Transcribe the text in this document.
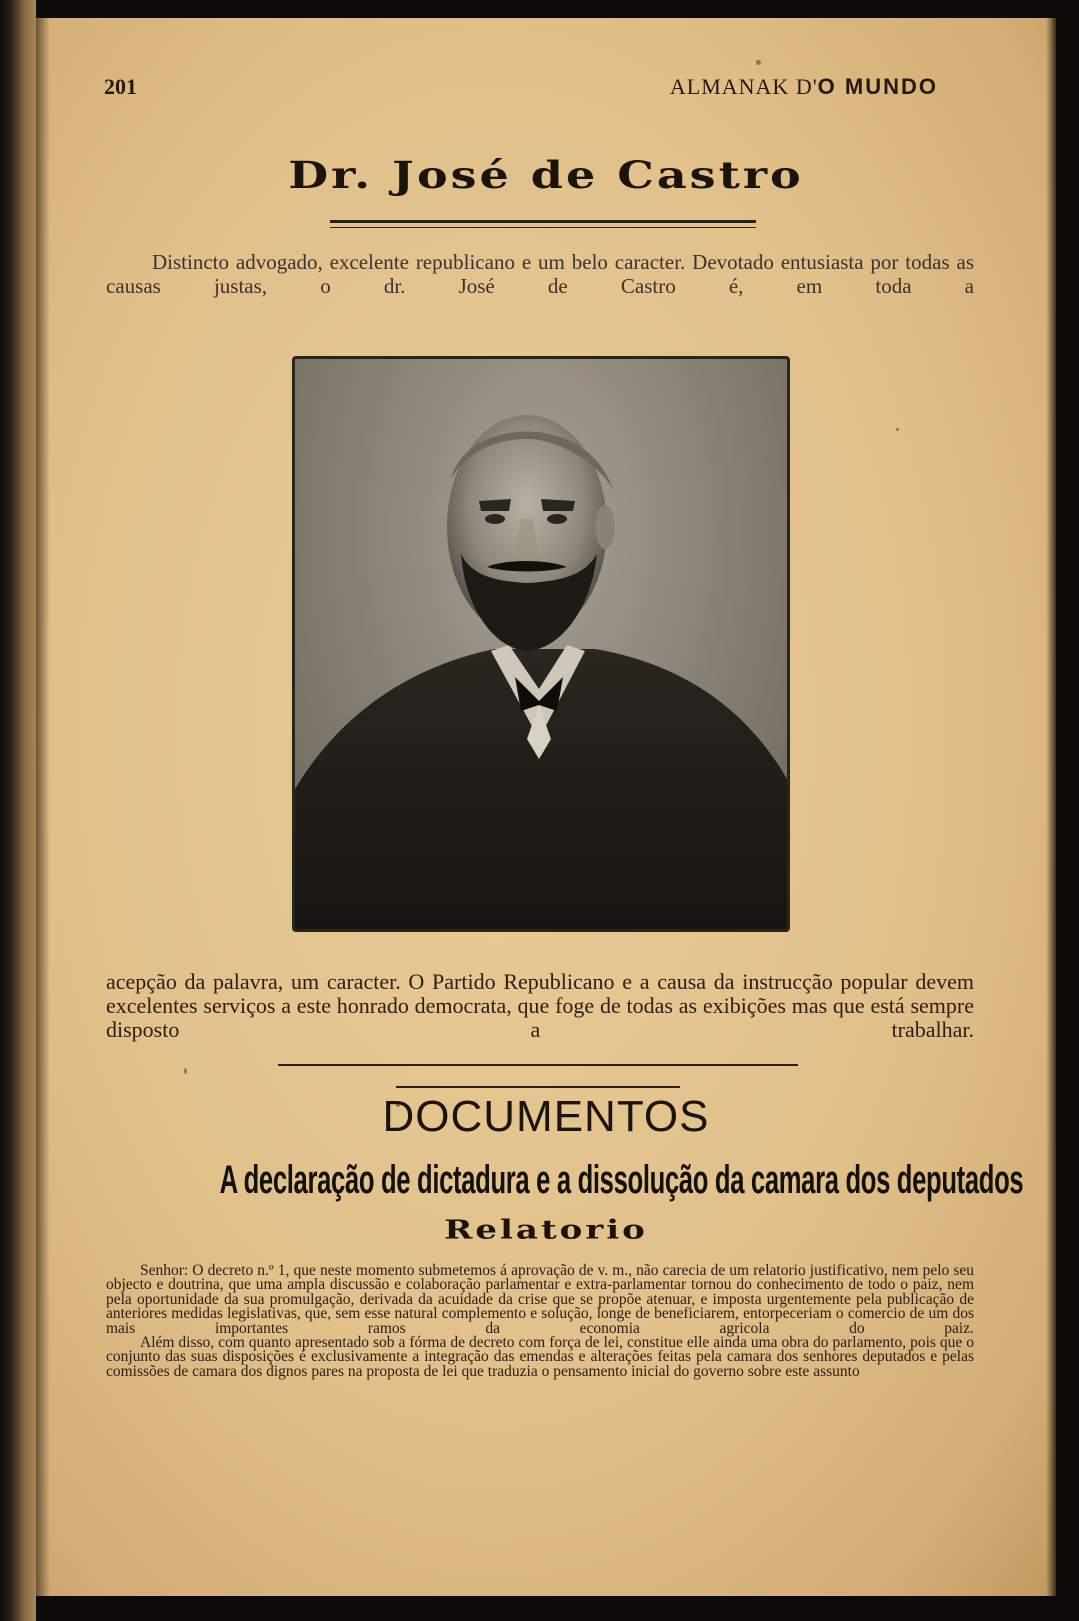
201	ALMANAK D'O MUNDO
Dr. José de Castro
Distincto advogado, excelente republicano e um belo caracter. Devotado entusiasta por todas as causas justas, o dr. José de Castro é, em toda a
acepção da palavra, um caracter. O Partido Republicano e a causa da instrucção popular devem excelentes serviços a este honrado democrata, que foge de todas as exibições mas que está sempre disposto a trabalhar.
DOCUMENTOS
A declaração de dictadura e a dissolução da camara dos deputados
Relatorio

Senhor: O decreto n.º 1, que neste momento submetemos á aprovação de v. m., não carecia de um relatorio justificativo, nem pelo seu objecto e doutrina, que uma ampla discussão e colaboração parlamentar e extra-parlamentar tornou do conhecimento de todo o paiz, nem pela oportunidade da sua promulgação, derivada da acuidade da crise que se propõe atenuar, e imposta urgentemente pela publicação de anteriores medidas legislativas, que, sem esse natural complemento e solução, longe de beneficiarem, entorpeceriam o comercio de um dos mais importantes ramos da economia agricola do paiz.

Além disso, com quanto apresentado sob a fórma de decreto com força de lei, constitue elle ainda uma obra do parlamento, pois que o conjunto das suas disposições é exclusivamente a integração das emendas e alterações feitas pela camara dos senhores deputados e pelas comissões de camara dos dignos pares na proposta de lei que traduzia o pensamento inicial do governo sobre este assunto
